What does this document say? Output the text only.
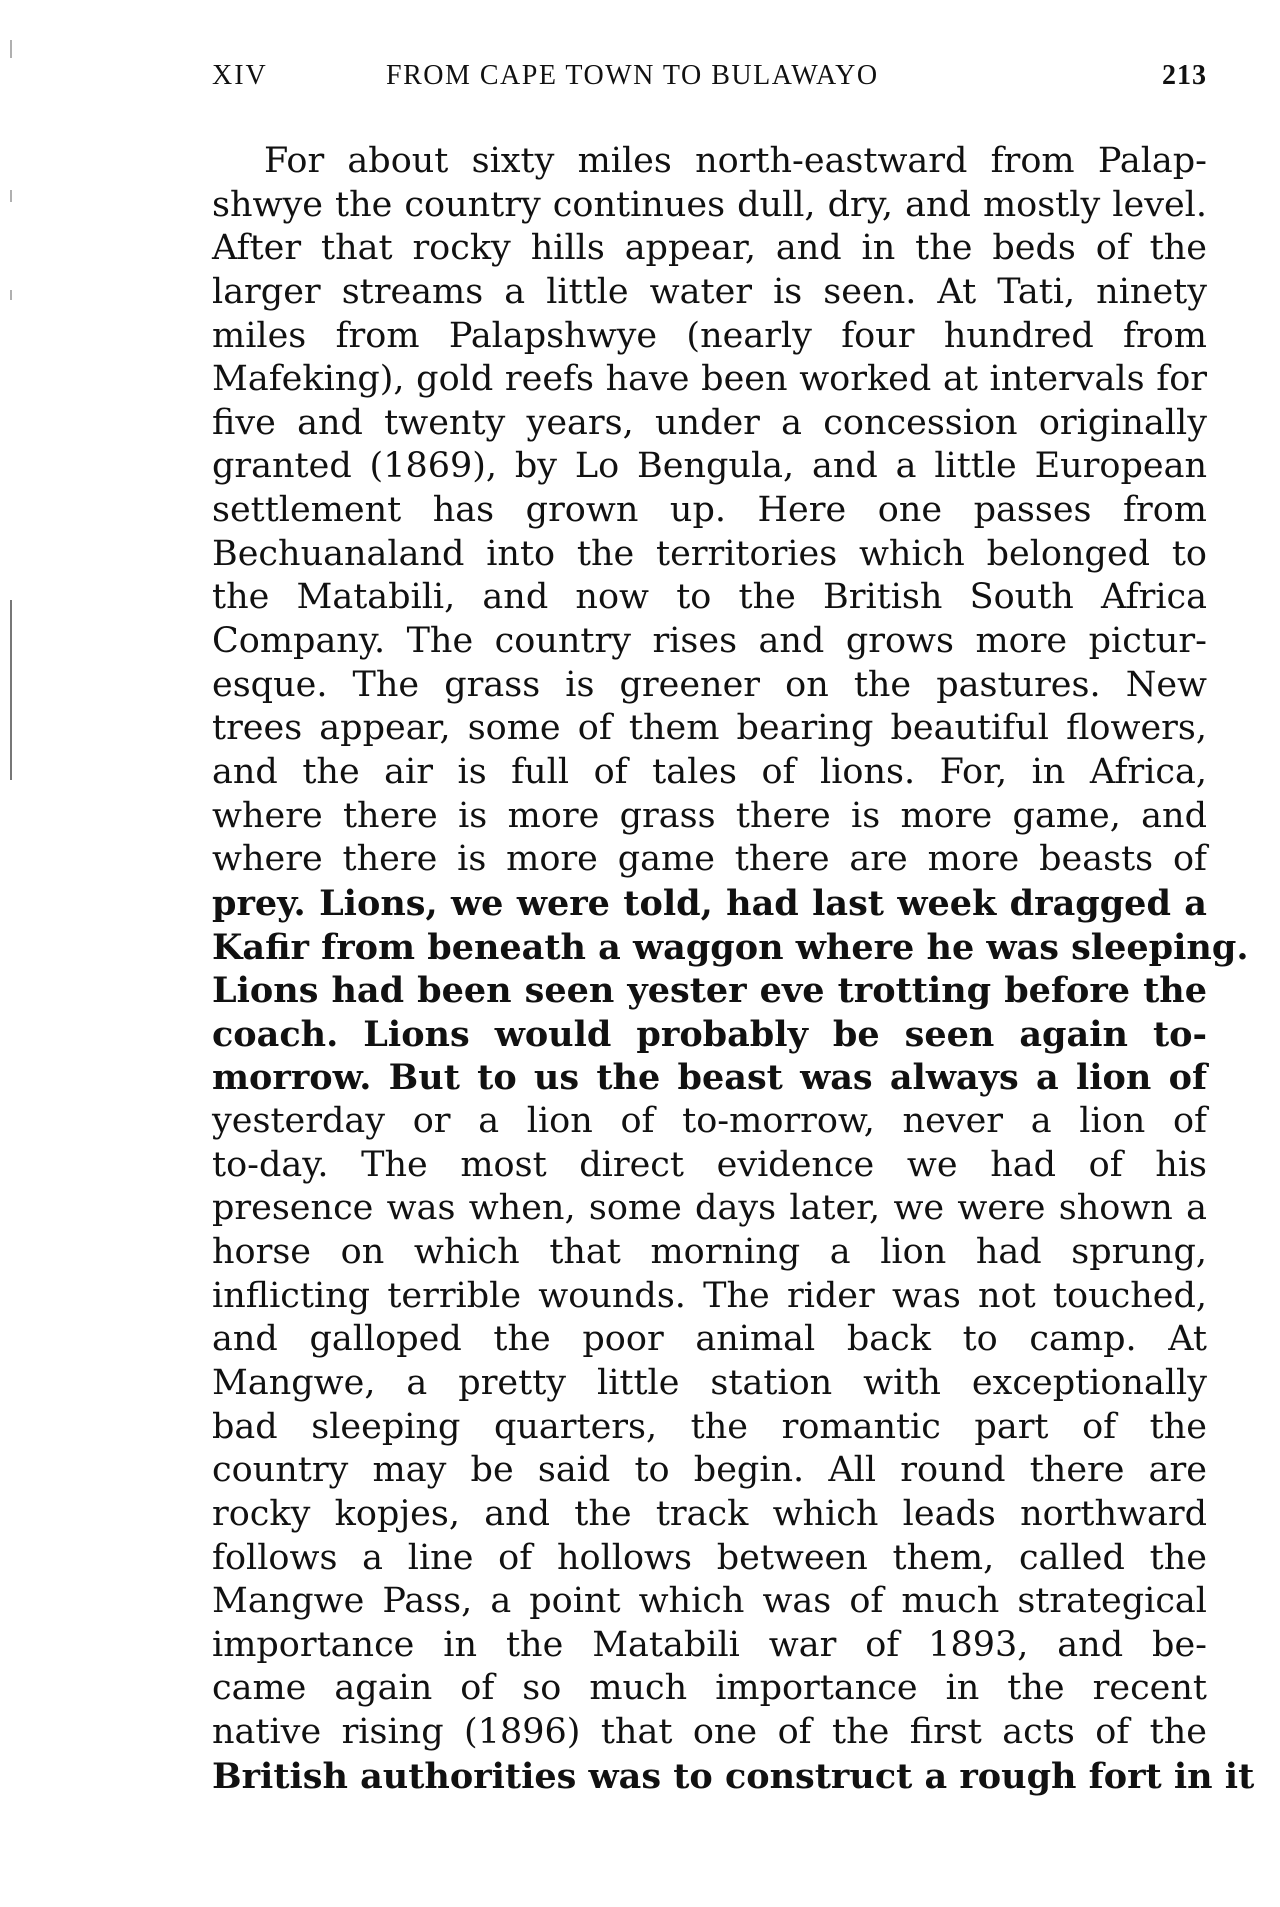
XIV	FROM CAPE TOWN TO BULAWAYO	213
For about sixty miles north-eastward from Palap-
shwye the country continues dull, dry, and mostly level.
After that rocky hills appear, and in the beds of the
larger streams a little water is seen. At Tati, ninety
miles from Palapshwye (nearly four hundred from
Mafeking), gold reefs have been worked at intervals for
five and twenty years, under a concession originally
granted (1869), by Lo Bengula, and a little European
settlement has grown up. Here one passes from
Bechuanaland into the territories which belonged to
the Matabili, and now to the British South Africa
Company. The country rises and grows more pictur-
esque. The grass is greener on the pastures. New
trees appear, some of them bearing beautiful flowers,
and the air is full of tales of lions. For, in Africa,
where there is more grass there is more game, and
where there is more game there are more beasts of
prey. Lions, we were told, had last week dragged a
Kafir from beneath a waggon where he was sleeping.
Lions had been seen yester eve trotting before the
coach. Lions would probably be seen again to-
morrow. But to us the beast was always a lion of
yesterday or a lion of to-morrow, never a lion of
to-day. The most direct evidence we had of his
presence was when, some days later, we were shown a
horse on which that morning a lion had sprung,
inflicting terrible wounds. The rider was not touched,
and galloped the poor animal back to camp. At
Mangwe, a pretty little station with exceptionally
bad sleeping quarters, the romantic part of the
country may be said to begin. All round there are
rocky kopjes, and the track which leads northward
follows a line of hollows between them, called the
Mangwe Pass, a point which was of much strategical
importance in the Matabili war of 1893, and be-
came again of so much importance in the recent
native rising (1896) that one of the first acts of the
British authorities was to construct a rough fort in it
